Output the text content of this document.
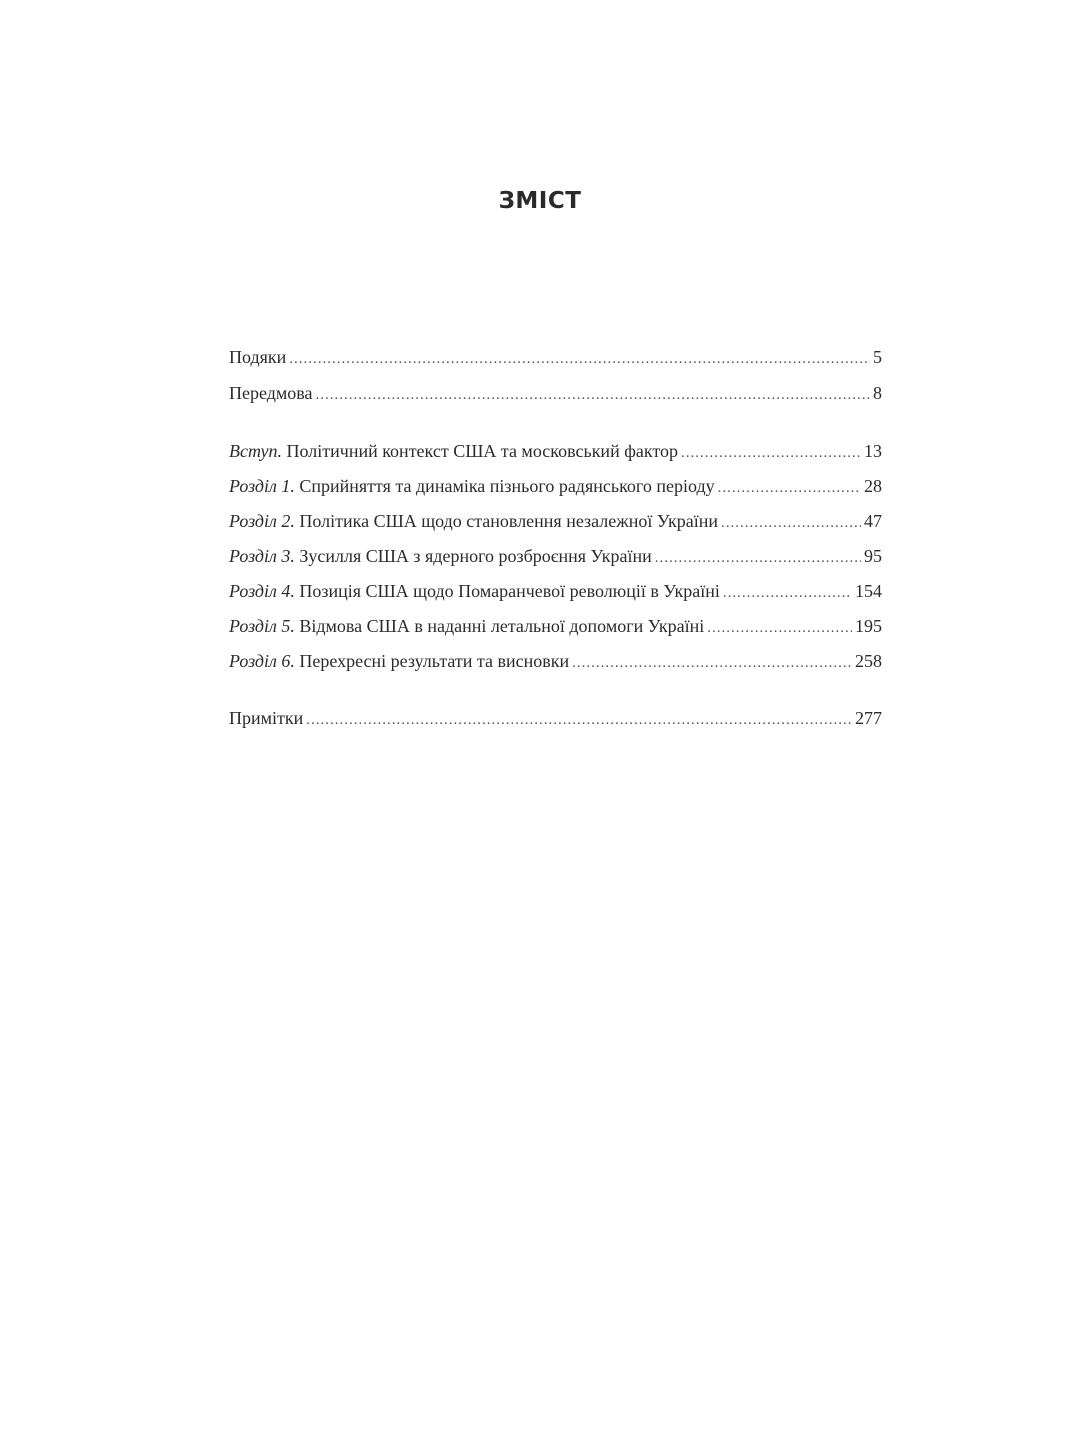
ЗМІСТ
Подяки .....	5
Передмова .....	8
Вступ. Політичний контекст США та московський фактор .....	13
Розділ 1. Сприйняття та динаміка пізнього радянського періоду .....	28
Розділ 2. Політика США щодо становлення незалежної України .....	47
Розділ 3. Зусилля США з ядерного розброєння України .....	95
Розділ 4. Позиція США щодо Помаранчевої революції в Україні .....	154
Розділ 5. Відмова США в наданні летальної допомоги Україні .....	195
Розділ 6. Перехресні результати та висновки .....	258
Примітки .....	277
